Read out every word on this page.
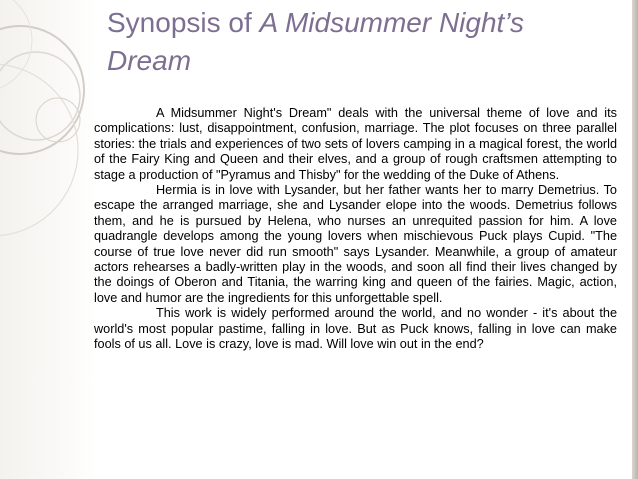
Synopsis of A Midsummer Night’s
Dream

A Midsummer Night's Dream" deals with the universal theme of love and its complications: lust, disappointment, confusion, marriage. The plot focuses on three parallel stories: the trials and experiences of two sets of lovers camping in a magical forest, the world of the Fairy King and Queen and their elves, and a group of rough craftsmen attempting to stage a production of "Pyramus and Thisby" for the wedding of the Duke of Athens.

Hermia is in love with Lysander, but her father wants her to marry Demetrius. To escape the arranged marriage, she and Lysander elope into the woods. Demetrius follows them, and he is pursued by Helena, who nurses an unrequited passion for him. A love quadrangle develops among the young lovers when mischievous Puck plays Cupid. "The course of true love never did run smooth" says Lysander. Meanwhile, a group of amateur actors rehearses a badly-written play in the woods, and soon all find their lives changed by the doings of Oberon and Titania, the warring king and queen of the fairies. Magic, action, love and humor are the ingredients for this unforgettable spell.

This work is widely performed around the world, and no wonder - it's about the world's most popular pastime, falling in love. But as Puck knows, falling in love can make fools of us all. Love is crazy, love is mad. Will love win out in the end?
